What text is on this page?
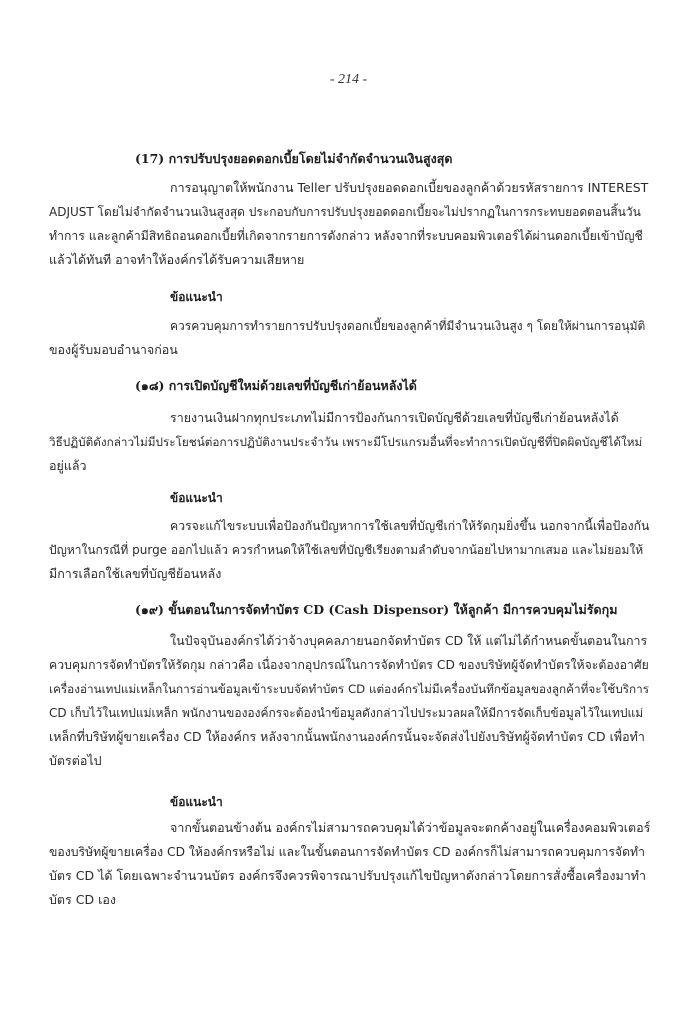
- 214 -
(17) การปรับปรุงยอดดอกเบี้ยโดยไม่จำกัดจำนวนเงินสูงสุด
การอนุญาตให้พนักงาน Teller ปรับปรุงยอดดอกเบี้ยของลูกค้าด้วยรหัสรายการ INTEREST
ADJUST โดยไม่จำกัดจำนวนเงินสูงสุด ประกอบกับการปรับปรุงยอดดอกเบี้ยจะไม่ปรากฏในการกระทบยอดตอนสิ้นวัน
ทำการ และลูกค้ามีสิทธิถอนดอกเบี้ยที่เกิดจากรายการดังกล่าว หลังจากที่ระบบคอมพิวเตอร์ได้ผ่านดอกเบี้ยเข้าบัญชี
แล้วได้ทันที อาจทำให้องค์กรได้รับความเสียหาย
ข้อแนะนำ
ควรควบคุมการทำรายการปรับปรุงดอกเบี้ยของลูกค้าที่มีจำนวนเงินสูง ๆ โดยให้ผ่านการอนุมัติ
ของผู้รับมอบอำนาจก่อน
(๑๘) การเปิดบัญชีใหม่ด้วยเลขที่บัญชีเก่าย้อนหลังได้
รายงานเงินฝากทุกประเภทไม่มีการป้องกันการเปิดบัญชีด้วยเลขที่บัญชีเก่าย้อนหลังได้
วิธีปฏิบัติดังกล่าวไม่มีประโยชน์ต่อการปฏิบัติงานประจำวัน เพราะมีโปรแกรมอื่นที่จะทำการเปิดบัญชีที่ปิดผิดบัญชีได้ใหม่
อยู่แล้ว
ข้อแนะนำ
ควรจะแก้ไขระบบเพื่อป้องกันปัญหาการใช้เลขที่บัญชีเก่าให้รัดกุมยิ่งขึ้น นอกจากนี้เพื่อป้องกัน
ปัญหาในกรณีที่ purge ออกไปแล้ว ควรกำหนดให้ใช้เลขที่บัญชีเรียงตามลำดับจากน้อยไปหามากเสมอ และไม่ยอมให้
มีการเลือกใช้เลขที่บัญชีย้อนหลัง
(๑๙) ขั้นตอนในการจัดทำบัตร CD (Cash Dispensor) ให้ลูกค้า มีการควบคุมไม่รัดกุม
ในปัจจุบันองค์กรได้ว่าจ้างบุคคลภายนอกจัดทำบัตร CD ให้ แต่ไม่ได้กำหนดขั้นตอนในการ
ควบคุมการจัดทำบัตรให้รัดกุม กล่าวคือ เนื่องจากอุปกรณ์ในการจัดทำบัตร CD ของบริษัทผู้จัดทำบัตรให้จะต้องอาศัย
เครื่องอ่านเทปแม่เหล็กในการอ่านข้อมูลเข้าระบบจัดทำบัตร CD แต่องค์กรไม่มีเครื่องบันทึกข้อมูลของลูกค้าที่จะใช้บริการ
CD เก็บไว้ในเทปแม่เหล็ก พนักงานขององค์กรจะต้องนำข้อมูลดังกล่าวไปประมวลผลให้มีการจัดเก็บข้อมูลไว้ในเทปแม่
เหล็กที่บริษัทผู้ขายเครื่อง CD ให้องค์กร หลังจากนั้นพนักงานองค์กรนั้นจะจัดส่งไปยังบริษัทผู้จัดทำบัตร CD เพื่อทำ
บัตรต่อไป
ข้อแนะนำ
จากขั้นตอนข้างต้น องค์กรไม่สามารถควบคุมได้ว่าข้อมูลจะตกค้างอยู่ในเครื่องคอมพิวเตอร์
ของบริษัทผู้ขายเครื่อง CD ให้องค์กรหรือไม่ และในขั้นตอนการจัดทำบัตร CD องค์กรก็ไม่สามารถควบคุมการจัดทำ
บัตร CD ได้ โดยเฉพาะจำนวนบัตร องค์กรจึงควรพิจารณาปรับปรุงแก้ไขปัญหาดังกล่าวโดยการสั่งซื้อเครื่องมาทำ
บัตร CD เอง
